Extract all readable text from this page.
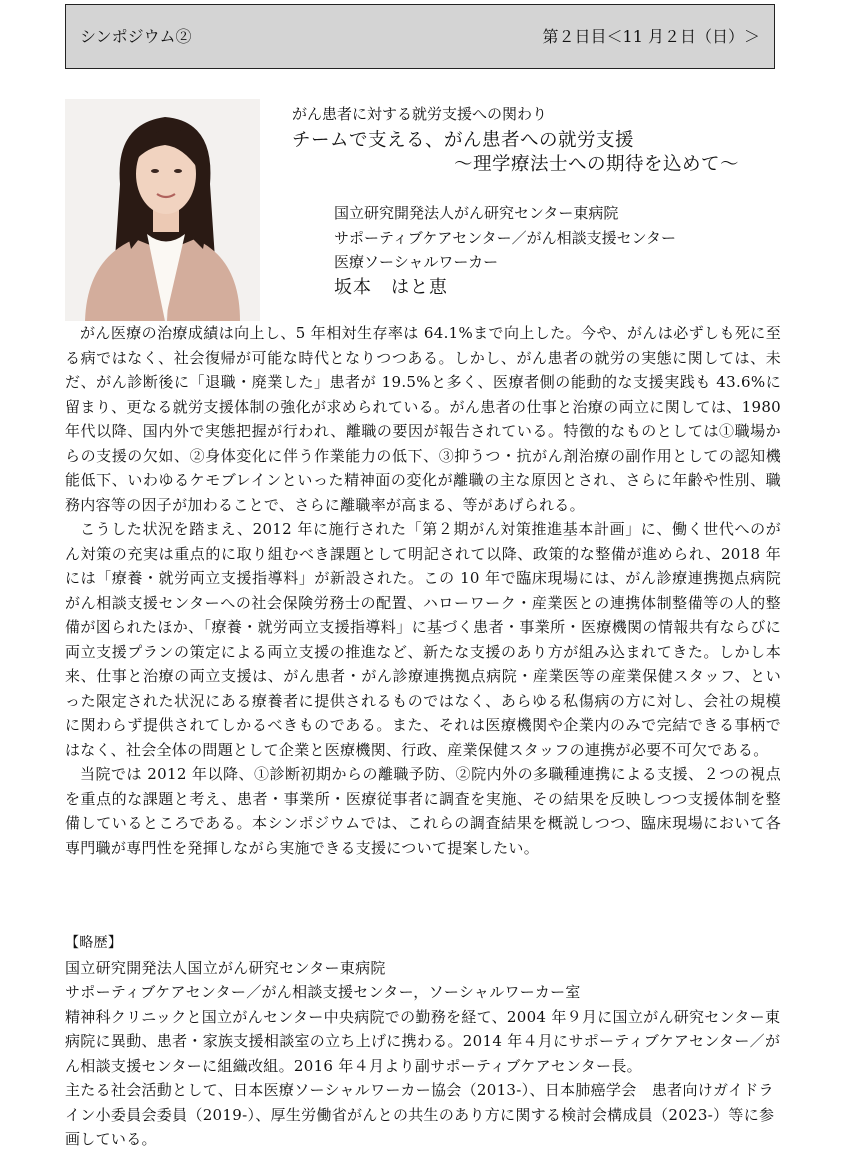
シンポジウム②	第２日目＜11 月２日（日）＞
がん患者に対する就労支援への関わり
チームで支える、がん患者への就労支援
〜理学療法士への期待を込めて〜
国立研究開発法人がん研究センター東病院
サポーティブケアセンター／がん相談支援センター
医療ソーシャルワーカー
坂本　はと恵

がん医療の治療成績は向上し、5 年相対生存率は 64.1%まで向上した。今や、がんは必ずしも死に至る病ではなく、社会復帰が可能な時代となりつつある。しかし、がん患者の就労の実態に関しては、未だ、がん診断後に「退職・廃業した」患者が 19.5%と多く、医療者側の能動的な支援実践も 43.6%に留まり、更なる就労支援体制の強化が求められている。がん患者の仕事と治療の両立に関しては、1980 年代以降、国内外で実態把握が行われ、離職の要因が報告されている。特徴的なものとしては①職場からの支援の欠如、②身体変化に伴う作業能力の低下、③抑うつ・抗がん剤治療の副作用としての認知機能低下、いわゆるケモブレインといった精神面の変化が離職の主な原因とされ、さらに年齢や性別、職務内容等の因子が加わることで、さらに離職率が高まる、等があげられる。

こうした状況を踏まえ、2012 年に施行された「第２期がん対策推進基本計画」に、働く世代へのがん対策の充実は重点的に取り組むべき課題として明記されて以降、政策的な整備が進められ、2018 年には「療養・就労両立支援指導料」が新設された。この 10 年で臨床現場には、がん診療連携拠点病院がん相談支援センターへの社会保険労務士の配置、ハローワーク・産業医との連携体制整備等の人的整備が図られたほか、「療養・就労両立支援指導料」に基づく患者・事業所・医療機関の情報共有ならびに両立支援プランの策定による両立支援の推進など、新たな支援のあり方が組み込まれてきた。しかし本来、仕事と治療の両立支援は、がん患者・がん診療連携拠点病院・産業医等の産業保健スタッフ、といった限定された状況にある療養者に提供されるものではなく、あらゆる私傷病の方に対し、会社の規模に関わらず提供されてしかるべきものである。また、それは医療機関や企業内のみで完結できる事柄ではなく、社会全体の問題として企業と医療機関、行政、産業保健スタッフの連携が必要不可欠である。

当院では 2012 年以降、①診断初期からの離職予防、②院内外の多職種連携による支援、２つの視点を重点的な課題と考え、患者・事業所・医療従事者に調査を実施、その結果を反映しつつ支援体制を整備しているところである。本シンポジウムでは、これらの調査結果を概説しつつ、臨床現場において各専門職が専門性を発揮しながら実施できる支援について提案したい。

【略歴】

国立研究開発法人国立がん研究センター東病院

サポーティブケアセンター／がん相談支援センター，ソーシャルワーカー室

精神科クリニックと国立がんセンター中央病院での勤務を経て、2004 年９月に国立がん研究センター東病院に異動、患者・家族支援相談室の立ち上げに携わる。2014 年４月にサポーティブケアセンター／がん相談支援センターに組織改組。2016 年４月より副サポーティブケアセンター長。

主たる社会活動として、日本医療ソーシャルワーカー協会（2013-）、日本肺癌学会　患者向けガイドライン小委員会委員（2019-）、厚生労働省がんとの共生のあり方に関する検討会構成員（2023-）等に参画している。
